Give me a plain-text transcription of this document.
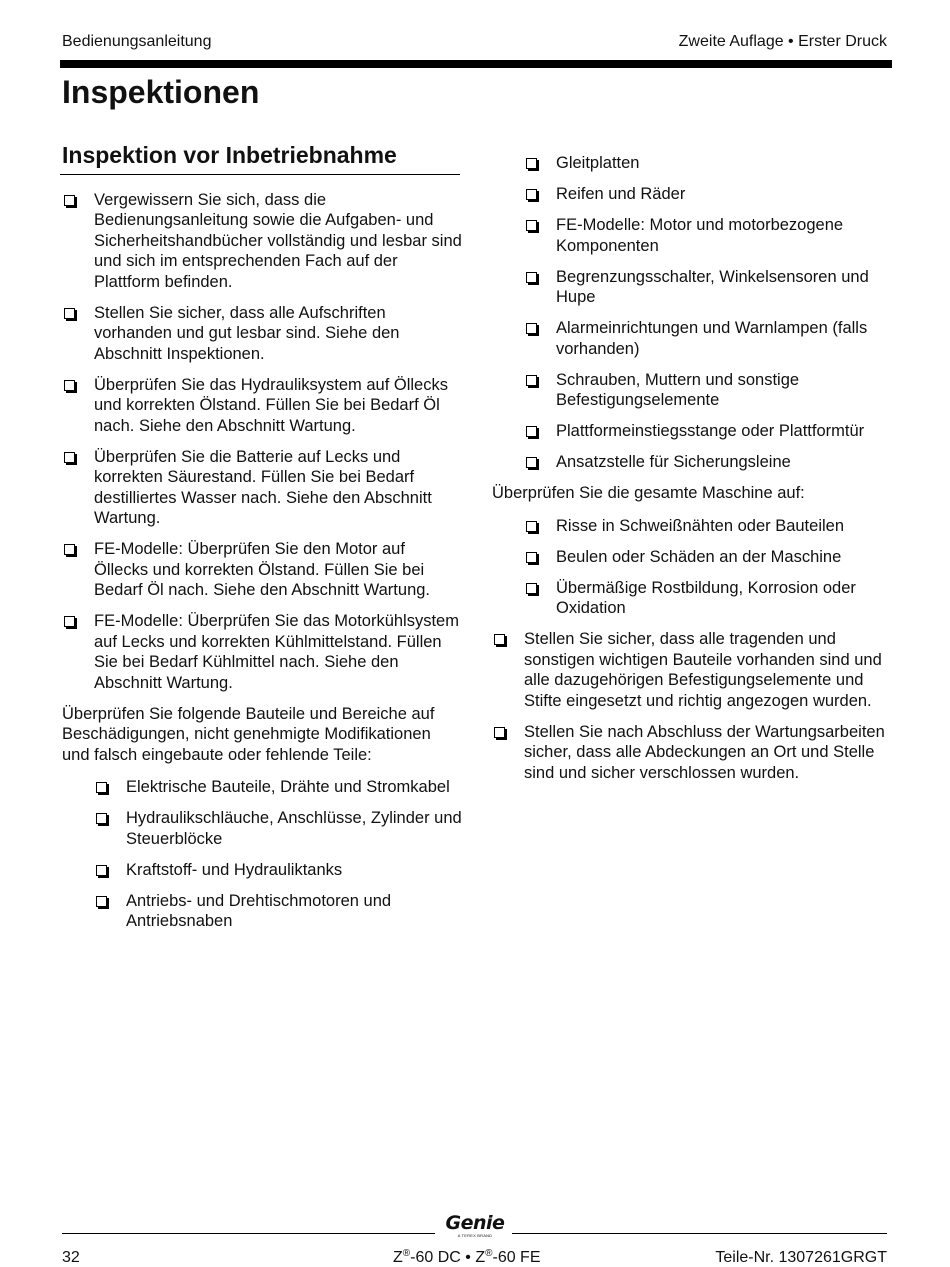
Bedienungsanleitung	Zweite Auflage • Erster Druck
Inspektionen
Inspektion vor Inbetriebnahme
Vergewissern Sie sich, dass die Bedienungsanleitung sowie die Aufgaben- und Sicherheitshandbücher vollständig und lesbar sind und sich im entsprechenden Fach auf der Plattform befinden.
Stellen Sie sicher, dass alle Aufschriften vorhanden und gut lesbar sind. Siehe den Abschnitt Inspektionen.
Überprüfen Sie das Hydrauliksystem auf Öllecks und korrekten Ölstand. Füllen Sie bei Bedarf Öl nach. Siehe den Abschnitt Wartung.
Überprüfen Sie die Batterie auf Lecks und korrekten Säurestand. Füllen Sie bei Bedarf destilliertes Wasser nach. Siehe den Abschnitt Wartung.
FE-Modelle: Überprüfen Sie den Motor auf Öllecks und korrekten Ölstand. Füllen Sie bei Bedarf Öl nach. Siehe den Abschnitt Wartung.
FE-Modelle: Überprüfen Sie das Motorkühlsystem auf Lecks und korrekten Kühlmittelstand. Füllen Sie bei Bedarf Kühlmittel nach. Siehe den Abschnitt Wartung.

Überprüfen Sie folgende Bauteile und Bereiche auf Beschädigungen, nicht genehmigte Modifikationen und falsch eingebaute oder fehlende Teile:

Elektrische Bauteile, Drähte und Stromkabel
Hydraulikschläuche, Anschlüsse, Zylinder und Steuerblöcke
Kraftstoff- und Hydrauliktanks
Antriebs- und Drehtischmotoren und Antriebsnaben
Gleitplatten
Reifen und Räder
FE-Modelle: Motor und motorbezogene Komponenten
Begrenzungsschalter, Winkelsensoren und Hupe
Alarmeinrichtungen und Warnlampen (falls vorhanden)
Schrauben, Muttern und sonstige Befestigungselemente
Plattformeinstiegsstange oder Plattformtür
Ansatzstelle für Sicherungsleine

Überprüfen Sie die gesamte Maschine auf:

Risse in Schweißnähten oder Bauteilen
Beulen oder Schäden an der Maschine
Übermäßige Rostbildung, Korrosion oder Oxidation
Stellen Sie sicher, dass alle tragenden und sonstigen wichtigen Bauteile vorhanden sind und alle dazugehörigen Befestigungselemente und Stifte eingesetzt und richtig angezogen wurden.
Stellen Sie nach Abschluss der Wartungsarbeiten sicher, dass alle Abdeckungen an Ort und Stelle sind und sicher verschlossen wurden.
Genie
A TEREX BRAND
32	Z®-60 DC • Z®-60 FE	Teile-Nr. 1307261GRGT
